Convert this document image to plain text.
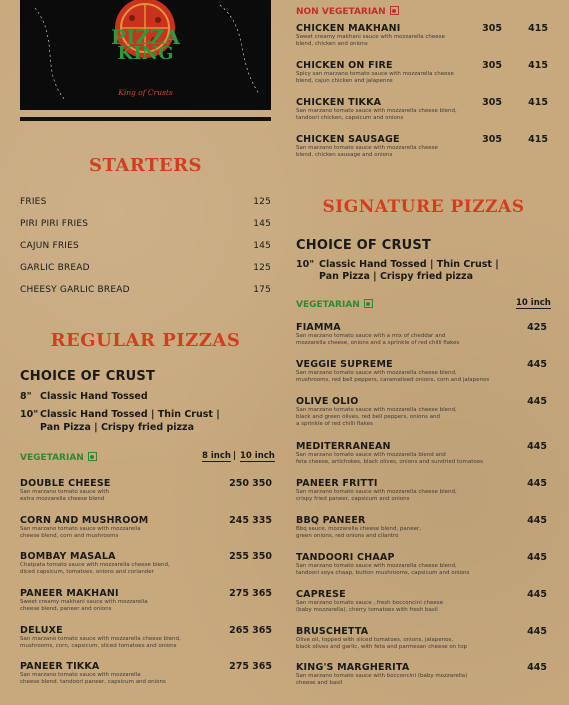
PIZZA
KING
King of Crusts
NON VEGETARIAN
CHICKEN MAKHANI
Sweet creamy makhani sauce with mozzarella cheese blend, chicken and onions
305	415
CHICKEN ON FIRE
Spicy san marzano tomato sauce with mozzarella cheese blend, cajun chicken and jalapenos
305	415
CHICKEN TIKKA
San marzano tomato sauce with mozzarella cheese blend, tandoori chicken, capsicum and onions
305	415
CHICKEN SAUSAGE
San marzano tomato sauce with mozzarella cheese blend, chicken sausage and onions
305	415
STARTERS
FRIES	125
PIRI PIRI FRIES	145
CAJUN FRIES	145
GARLIC BREAD	125
CHEESY GARLIC BREAD	175
REGULAR PIZZAS
CHOICE OF CRUST
8" Classic Hand Tossed
10" Classic Hand Tossed | Thin Crust |
Pan Pizza | Crispy fried pizza
VEGETARIAN	8 inch | 10 inch
DOUBLE CHEESE
San marzano tomato sauce with
extra mozzarella cheese blend
250 350
CORN AND MUSHROOM
San marzano tomato sauce with mozzarella
cheese blend, corn and mushrooms
245 335
BOMBAY MASALA
Chatpata tomato sauce with mozzarella cheese blend,
diced capsicum, tomatoes, onions and coriander
255 350
PANEER MAKHANI
Sweet creamy makhani sauce with mozzarella
cheese blend, paneer and onions
275 365
DELUXE
San marzano tomato sauce with mozzarella cheese blend,
mushrooms, corn, capsicum, sliced tomatoes and onions
265 365
PANEER TIKKA
San marzano tomato sauce with mozzarella
cheese blend, tandoori paneer, capsicum and onions
275 365
SIGNATURE PIZZAS
CHOICE OF CRUST
10" Classic Hand Tossed | Thin Crust |
Pan Pizza | Crispy fried pizza
VEGETARIAN	10 inch
FIAMMA
San marzano tomato sauce with a mix of cheddar and
mozzarella cheese, onions and a sprinkle of red chilli flakes
425
VEGGIE SUPREME
San marzano tomato sauce with mozzarella cheese blend,
mushrooms, red bell peppers, caramelised onions, corn and jalapenos
445
OLIVE OLIO
San marzano tomato sauce with mozzarella cheese blend,
black and green olives, red bell peppers, onions and
a sprinkle of red chilli flakes
445
MEDITERRANEAN
San marzano tomato sauce with mozzarella blend and
feta cheese, artichokes, black olives, onions and sundried tomatoes
445
PANEER FRITTI
San marzano tomato sauce with mozzarella cheese blend,
crispy fried paneer, capsicum and onions
445
BBQ PANEER
Bbq sauce, mozzarella cheese blend, paneer,
green onions, red onions and cilantro
445
TANDOORI CHAAP
San marzano tomato sauce with mozzarella cheese blend,
tandoori soya chaap, button mushrooms, capsicum and onions
445
CAPRESE
San marzano tomato sauce , fresh bocconcini cheese
(baby mozzarella), cherry tomatoes with fresh basil
445
BRUSCHETTA
Olive oil, topped with sliced tomatoes, onions, jalapenos,
black olives and garlic, with feta and parmesan cheese on top
445
KING'S MARGHERITA
San marzano tomato sauce with bocconcini (baby mozzarella)
cheese and basil
445
